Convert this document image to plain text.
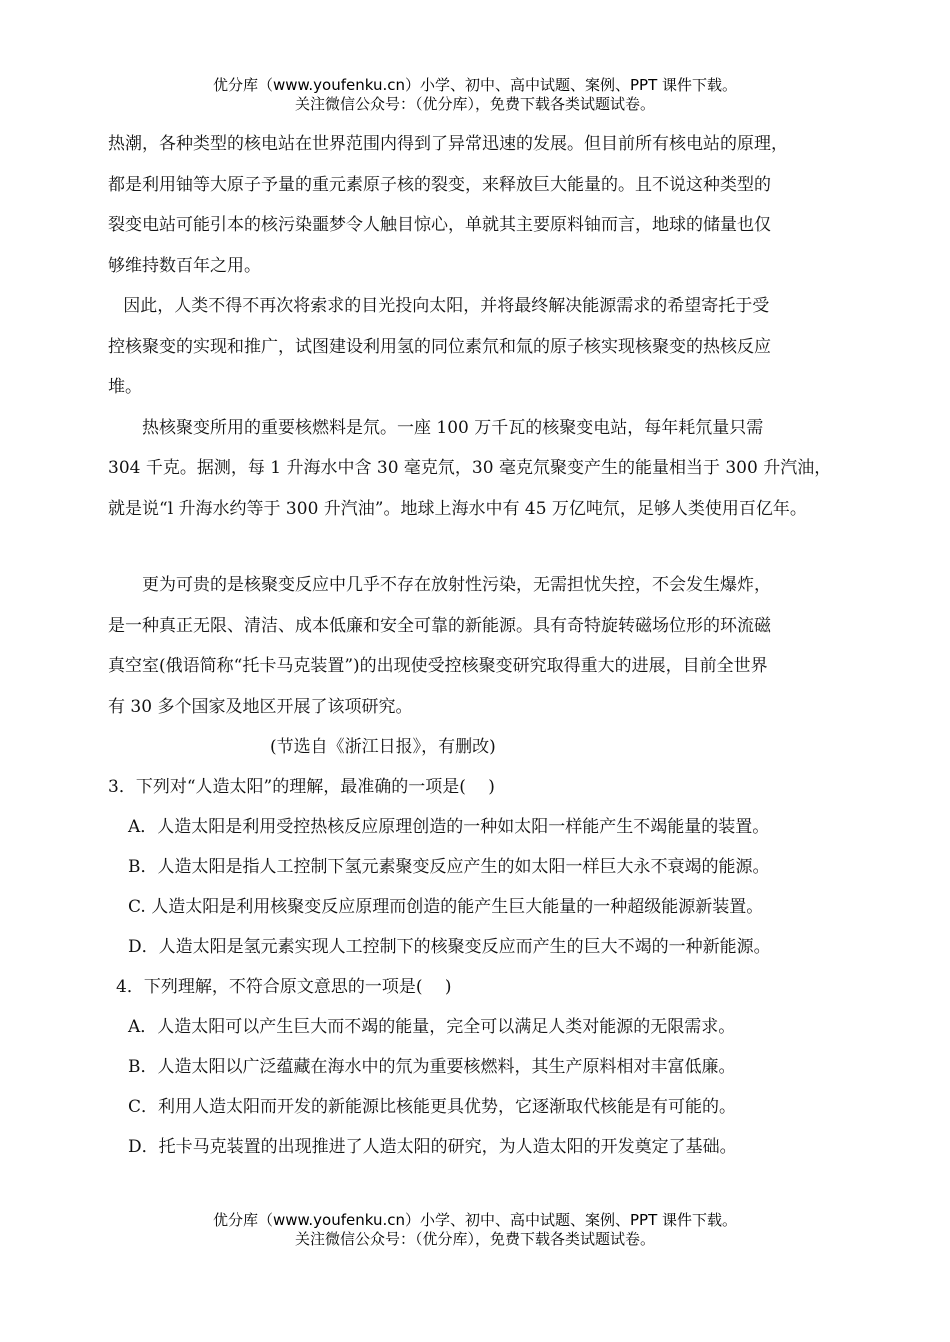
优分库（www.youfenku.cn）小学、初中、高中试题、案例、PPT 课件下载。
关注微信公众号：（优分库），免费下载各类试题试卷。

热潮，各种类型的核电站在世界范围内得到了异常迅速的发展。但目前所有核电站的原理，

都是利用铀等大原子予量的重元素原子核的裂变，来释放巨大能量的。且不说这种类型的

裂变电站可能引本的核污染噩梦令人触目惊心，单就其主要原料铀而言，地球的储量也仅

够维持数百年之用。

因此，人类不得不再次将索求的目光投向太阳，并将最终解决能源需求的希望寄托于受

控核聚变的实现和推广，试图建设利用氢的同位素氘和氚的原子核实现核聚变的热核反应

堆。

热核聚变所用的重要核燃料是氘。一座 100 万千瓦的核聚变电站，每年耗氘量只需

304 千克。据测，每 1 升海水中含 30 毫克氘，30 毫克氘聚变产生的能量相当于 300 升汽油，

就是说“l 升海水约等于 300 升汽油”。地球上海水中有 45 万亿吨氘，足够人类使用百亿年。

更为可贵的是核聚变反应中几乎不存在放射性污染，无需担忧失控，不会发生爆炸，

是一种真正无限、清洁、成本低廉和安全可靠的新能源。具有奇特旋转磁场位形的环流磁

真空室(俄语简称“托卡马克装置”)的出现使受控核聚变研究取得重大的进展，目前全世界

有 30 多个国家及地区开展了该项研究。

(节选自《浙江日报》，有删改)

3．下列对“人造太阳”的理解，最准确的一项是(　 )

A．人造太阳是利用受控热核反应原理创造的一种如太阳一样能产生不竭能量的装置。

B．人造太阳是指人工控制下氢元素聚变反应产生的如太阳一样巨大永不衰竭的能源。

C. 人造太阳是利用核聚变反应原理而创造的能产生巨大能量的一种超级能源新装置。

D．人造太阳是氢元素实现人工控制下的核聚变反应而产生的巨大不竭的一种新能源。

4．下列理解，不符合原文意思的一项是(　 )

A．人造太阳可以产生巨大而不竭的能量，完全可以满足人类对能源的无限需求。

B．人造太阳以广泛蕴藏在海水中的氘为重要核燃料，其生产原料相对丰富低廉。

C．利用人造太阳而开发的新能源比核能更具优势，它逐渐取代核能是有可能的。

D．托卡马克装置的出现推进了人造太阳的研究，为人造太阳的开发奠定了基础。

优分库（www.youfenku.cn）小学、初中、高中试题、案例、PPT 课件下载。
关注微信公众号：（优分库），免费下载各类试题试卷。
